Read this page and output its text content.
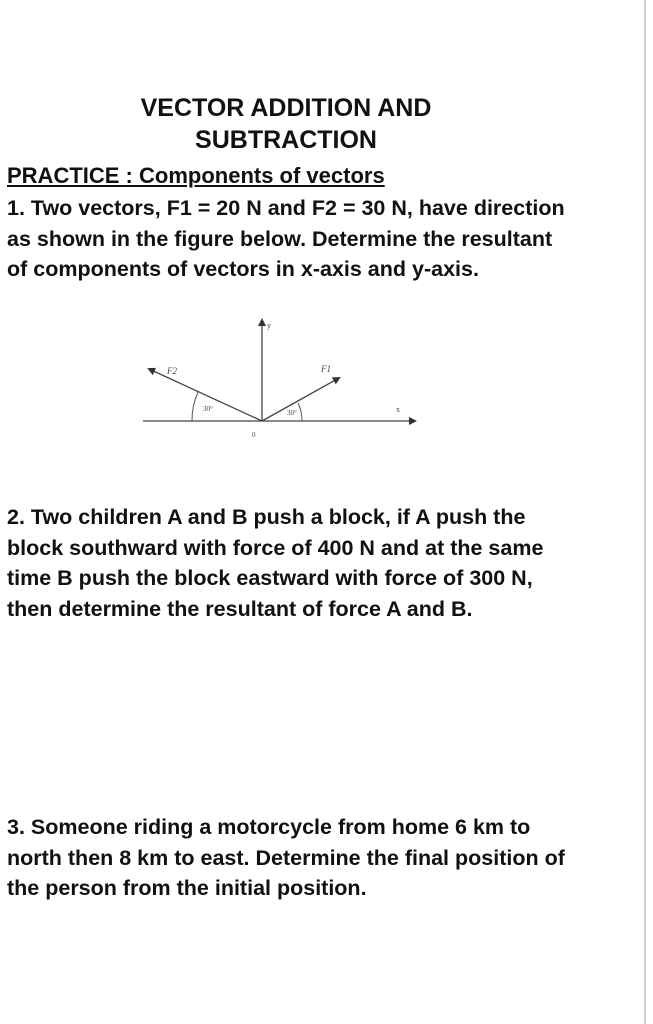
VECTOR ADDITION AND
SUBTRACTION

PRACTICE : Components of vectors

1. Two vectors, F1 = 20 N and F2 = 30 N, have direction as shown in the figure below. Determine the resultant of components of vectors in x-axis and y-axis.

F1
F2
x
y
0
30°
30°

2. Two children A and B push a block, if A push the block southward with force of 400 N and at the same time B push the block eastward with force of 300 N, then determine the resultant of force A and B.

3. Someone riding a motorcycle from home 6 km to north then 8 km to east. Determine the final position of the person from the initial position.
